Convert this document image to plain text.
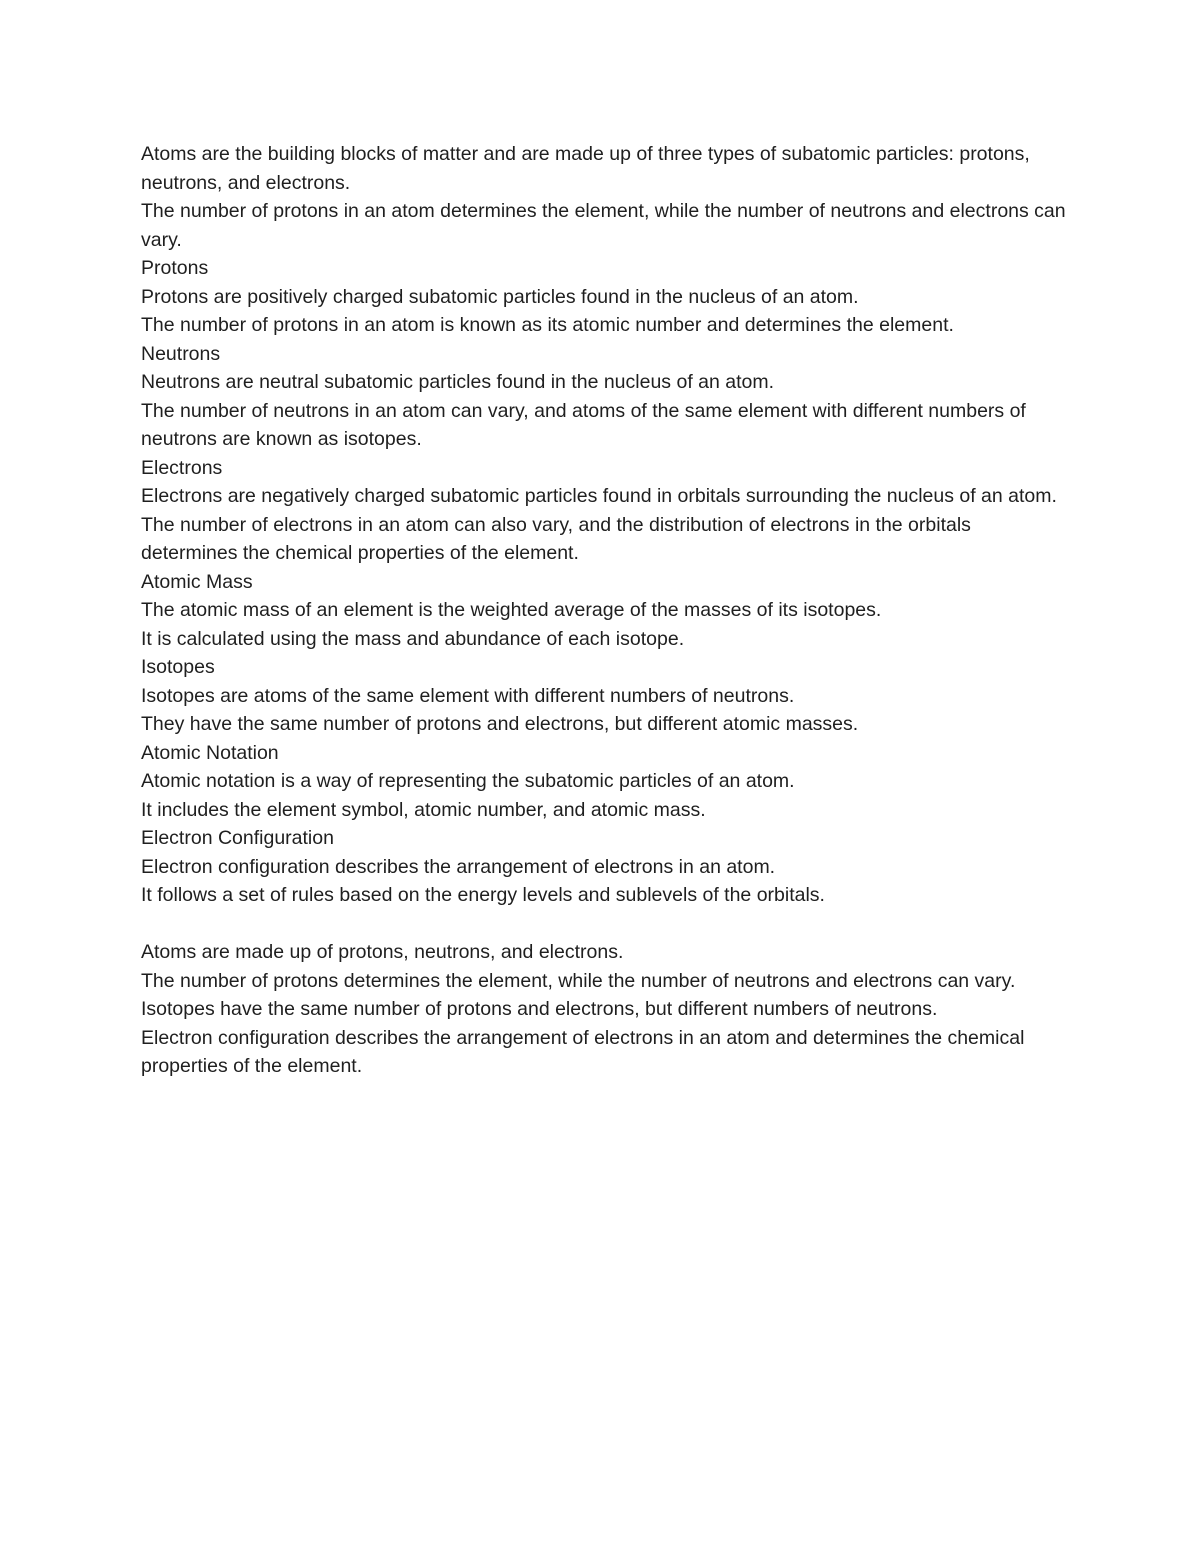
Atoms are the building blocks of matter and are made up of three types of subatomic particles: protons, neutrons, and electrons.

The number of protons in an atom determines the element, while the number of neutrons and electrons can vary.

Protons

Protons are positively charged subatomic particles found in the nucleus of an atom.

The number of protons in an atom is known as its atomic number and determines the element.

Neutrons

Neutrons are neutral subatomic particles found in the nucleus of an atom.

The number of neutrons in an atom can vary, and atoms of the same element with different numbers of neutrons are known as isotopes.

Electrons

Electrons are negatively charged subatomic particles found in orbitals surrounding the nucleus of an atom.

The number of electrons in an atom can also vary, and the distribution of electrons in the orbitals determines the chemical properties of the element.

Atomic Mass

The atomic mass of an element is the weighted average of the masses of its isotopes.

It is calculated using the mass and abundance of each isotope.

Isotopes

Isotopes are atoms of the same element with different numbers of neutrons.

They have the same number of protons and electrons, but different atomic masses.

Atomic Notation

Atomic notation is a way of representing the subatomic particles of an atom.

It includes the element symbol, atomic number, and atomic mass.

Electron Configuration

Electron configuration describes the arrangement of electrons in an atom.

It follows a set of rules based on the energy levels and sublevels of the orbitals.

Atoms are made up of protons, neutrons, and electrons.

The number of protons determines the element, while the number of neutrons and electrons can vary.

Isotopes have the same number of protons and electrons, but different numbers of neutrons.

Electron configuration describes the arrangement of electrons in an atom and determines the chemical properties of the element.
